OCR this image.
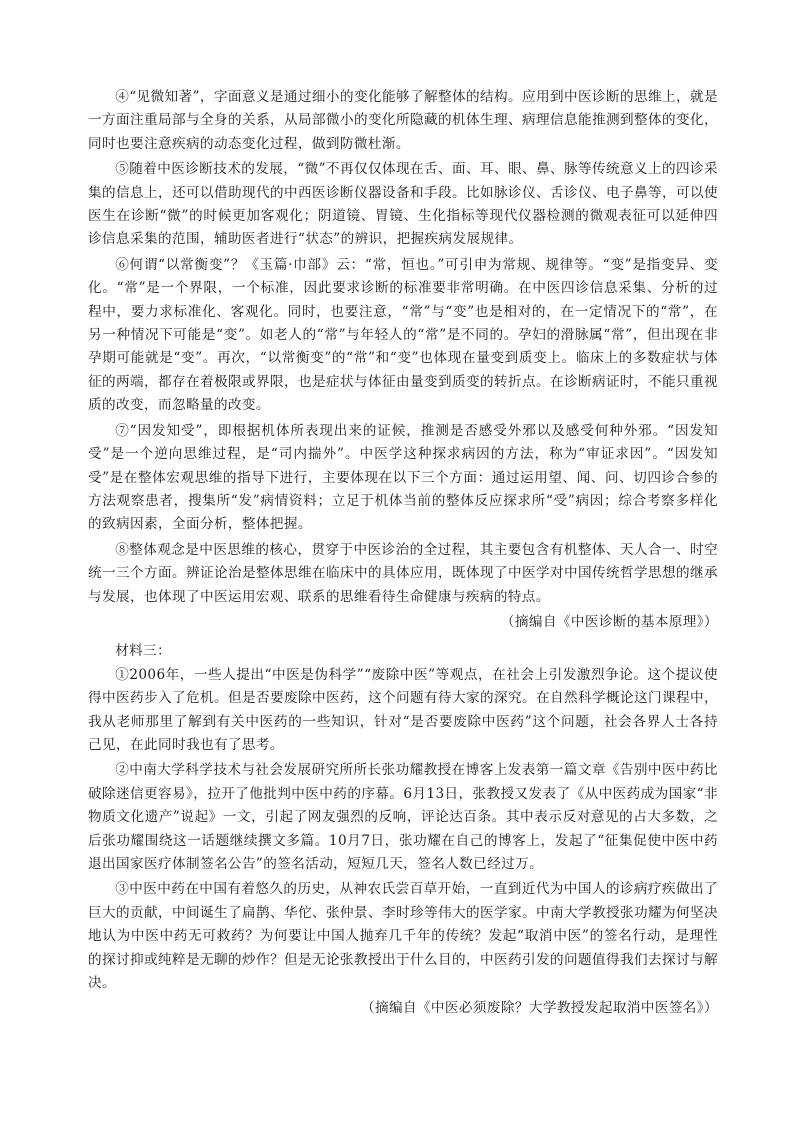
④“见微知著”，字面意义是通过细小的变化能够了解整体的结构。应用到中医诊断的思维上，就是一方面注重局部与全身的关系，从局部微小的变化所隐藏的机体生理、病理信息能推测到整体的变化，同时也要注意疾病的动态变化过程，做到防微杜渐。

⑤随着中医诊断技术的发展，“微”不再仅仅体现在舌、面、耳、眼、鼻、脉等传统意义上的四诊采集的信息上，还可以借助现代的中西医诊断仪器设备和手段。比如脉诊仪、舌诊仪、电子鼻等，可以使医生在诊断“微”的时候更加客观化；阴道镜、胃镜、生化指标等现代仪器检测的微观表征可以延伸四诊信息采集的范围，辅助医者进行“状态”的辨识，把握疾病发展规律。

⑥何谓“以常衡变”？《玉篇·巾部》云：“常，恒也。”可引申为常规、规律等。“变”是指变异、变化。“常”是一个界限，一个标准，因此要求诊断的标准要非常明确。在中医四诊信息采集、分析的过程中，要力求标准化、客观化。同时，也要注意，“常”与“变”也是相对的，在一定情况下的“常”，在另一种情况下可能是“变”。如老人的“常”与年轻人的“常”是不同的。孕妇的滑脉属“常”，但出现在非孕期可能就是“变”。再次，“以常衡变”的“常”和“变”也体现在量变到质变上。临床上的多数症状与体征的两端，都存在着极限或界限，也是症状与体征由量变到质变的转折点。在诊断病证时，不能只重视质的改变，而忽略量的改变。

⑦“因发知受”，即根据机体所表现出来的证候，推测是否感受外邪以及感受何种外邪。“因发知受”是一个逆向思维过程，是“司内揣外”。中医学这种探求病因的方法，称为“审证求因”。“因发知受”是在整体宏观思维的指导下进行，主要体现在以下三个方面：通过运用望、闻、问、切四诊合参的方法观察患者，搜集所“发”病情资料；立足于机体当前的整体反应探求所“受”病因；综合考察多样化的致病因素，全面分析，整体把握。

⑧整体观念是中医思维的核心，贯穿于中医诊治的全过程，其主要包含有机整体、天人合一、时空统一三个方面。辨证论治是整体思维在临床中的具体应用，既体现了中医学对中国传统哲学思想的继承与发展，也体现了中医运用宏观、联系的思维看待生命健康与疾病的特点。

（摘编自《中医诊断的基本原理》）

材料三：

①2006年，一些人提出“中医是伪科学”“废除中医”等观点，在社会上引发激烈争论。这个提议使得中医药步入了危机。但是否要废除中医药，这个问题有待大家的深究。在自然科学概论这门课程中，我从老师那里了解到有关中医药的一些知识，针对“是否要废除中医药”这个问题，社会各界人士各持己见，在此同时我也有了思考。

②中南大学科学技术与社会发展研究所所长张功耀教授在博客上发表第一篇文章《告别中医中药比破除迷信更容易》，拉开了他批判中医中药的序幕。6月13日，张教授又发表了《从中医药成为国家“非物质文化遗产”说起》一文，引起了网友强烈的反响，评论达百条。其中表示反对意见的占大多数，之后张功耀围绕这一话题继续撰文多篇。10月7日，张功耀在自己的博客上，发起了“征集促使中医中药退出国家医疗体制签名公告”的签名活动，短短几天，签名人数已经过万。

③中医中药在中国有着悠久的历史，从神农氏尝百草开始，一直到近代为中国人的诊病疗疾做出了巨大的贡献，中间诞生了扁鹊、华佗、张仲景、李时珍等伟大的医学家。中南大学教授张功耀为何坚决地认为中医中药无可救药？为何要让中国人抛弃几千年的传统？发起“取消中医”的签名行动，是理性的探讨抑或纯粹是无聊的炒作？但是无论张教授出于什么目的，中医药引发的问题值得我们去探讨与解决。

（摘编自《中医必须废除？大学教授发起取消中医签名》）
